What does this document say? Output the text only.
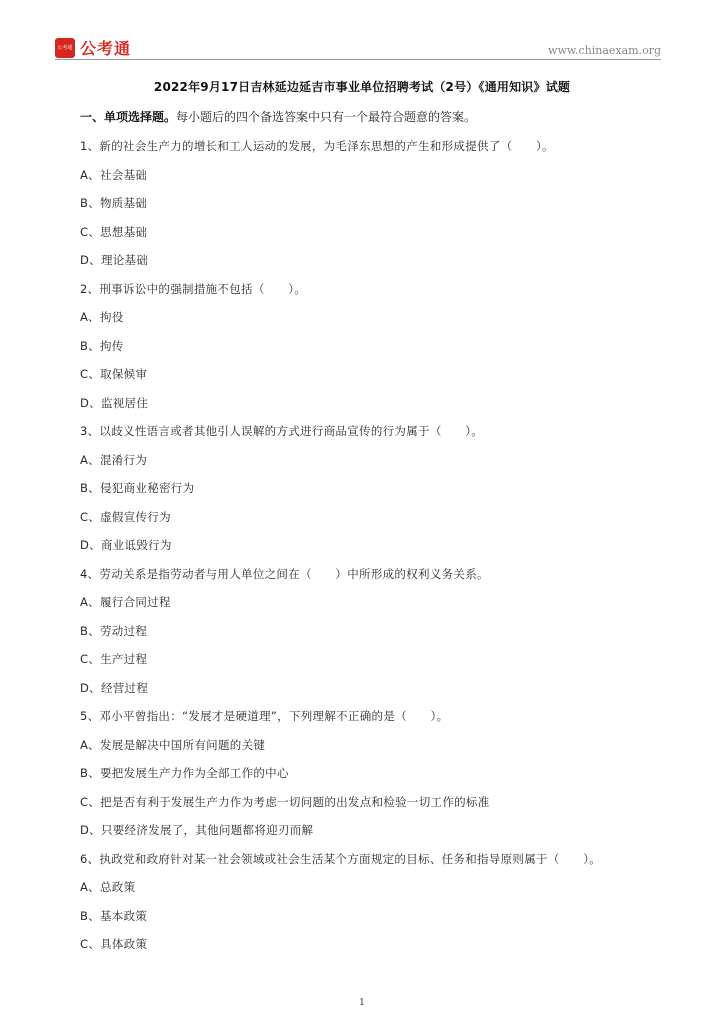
公考通 公考通	www.chinaexam.org
2022年9月17日吉林延边延吉市事业单位招聘考试（2号）《通用知识》试题
一、单项选择题。每小题后的四个备选答案中只有一个最符合题意的答案。
1、新的社会生产力的增长和工人运动的发展，为毛泽东思想的产生和形成提供了（　　）。
A、社会基础
B、物质基础
C、思想基础
D、理论基础
2、刑事诉讼中的强制措施不包括（　　）。
A、拘役
B、拘传
C、取保候审
D、监视居住
3、以歧义性语言或者其他引人误解的方式进行商品宣传的行为属于（　　）。
A、混淆行为
B、侵犯商业秘密行为
C、虚假宣传行为
D、商业诋毁行为
4、劳动关系是指劳动者与用人单位之间在（　　）中所形成的权利义务关系。
A、履行合同过程
B、劳动过程
C、生产过程
D、经营过程
5、邓小平曾指出：“发展才是硬道理”，下列理解不正确的是（　　）。
A、发展是解决中国所有问题的关键
B、要把发展生产力作为全部工作的中心
C、把是否有利于发展生产力作为考虑一切问题的出发点和检验一切工作的标准
D、只要经济发展了，其他问题都将迎刃而解
6、执政党和政府针对某一社会领域或社会生活某个方面规定的目标、任务和指导原则属于（　　）。
A、总政策
B、基本政策
C、具体政策
1
